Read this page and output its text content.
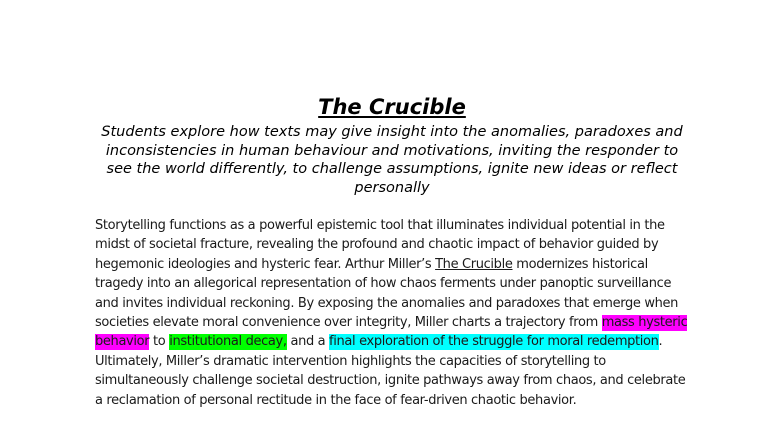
The Crucible

Students explore how texts may give insight into the anomalies, paradoxes and inconsistencies in human behaviour and motivations, inviting the responder to see the world differently, to challenge assumptions, ignite new ideas or reflect personally

Storytelling functions as a powerful epistemic tool that illuminates individual potential in the midst of societal fracture, revealing the profound and chaotic impact of behavior guided by hegemonic ideologies and hysteric fear. Arthur Miller’s The Crucible modernizes historical tragedy into an allegorical representation of how chaos ferments under panoptic surveillance and invites individual reckoning. By exposing the anomalies and paradoxes that emerge when societies elevate moral convenience over integrity, Miller charts a trajectory from mass hysteric behavior to institutional decay, and a final exploration of the struggle for moral redemption. Ultimately, Miller’s dramatic intervention highlights the capacities of storytelling to simultaneously challenge societal destruction, ignite pathways away from chaos, and celebrate a reclamation of personal rectitude in the face of fear-driven chaotic behavior.
